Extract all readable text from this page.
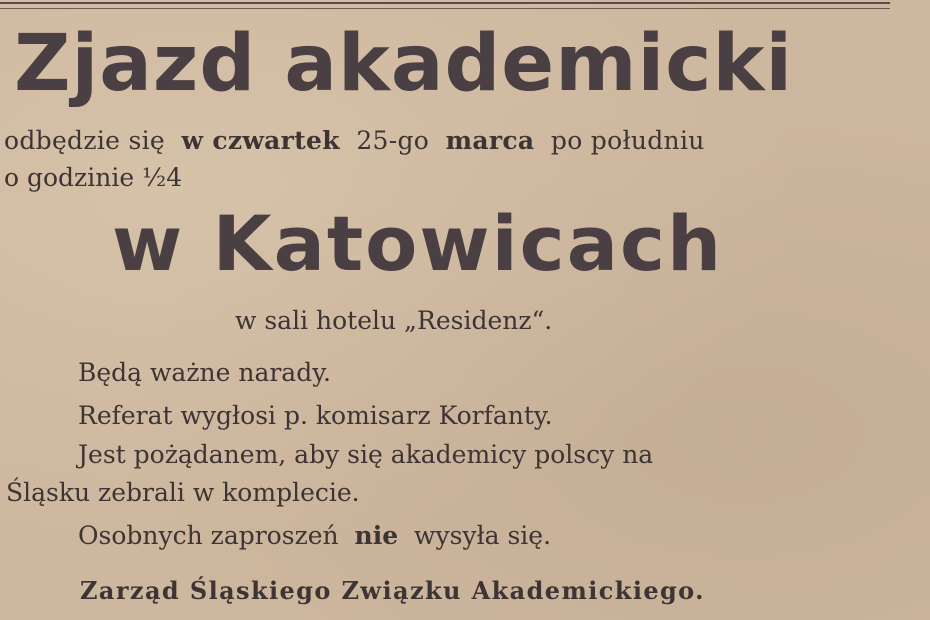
Zjazd akademicki
odbędzie się w czwartek 25-go marca po południu
o godzinie ½4
w Katowicach
w sali hotelu „Residenz“.
Będą ważne narady.
Referat wygłosi p. komisarz Korfanty.
Jest pożądanem, aby się akademicy polscy na
Śląsku zebrali w komplecie.
Osobnych zaproszeń nie wysyła się.
Zarząd Śląskiego Związku Akademickiego.
